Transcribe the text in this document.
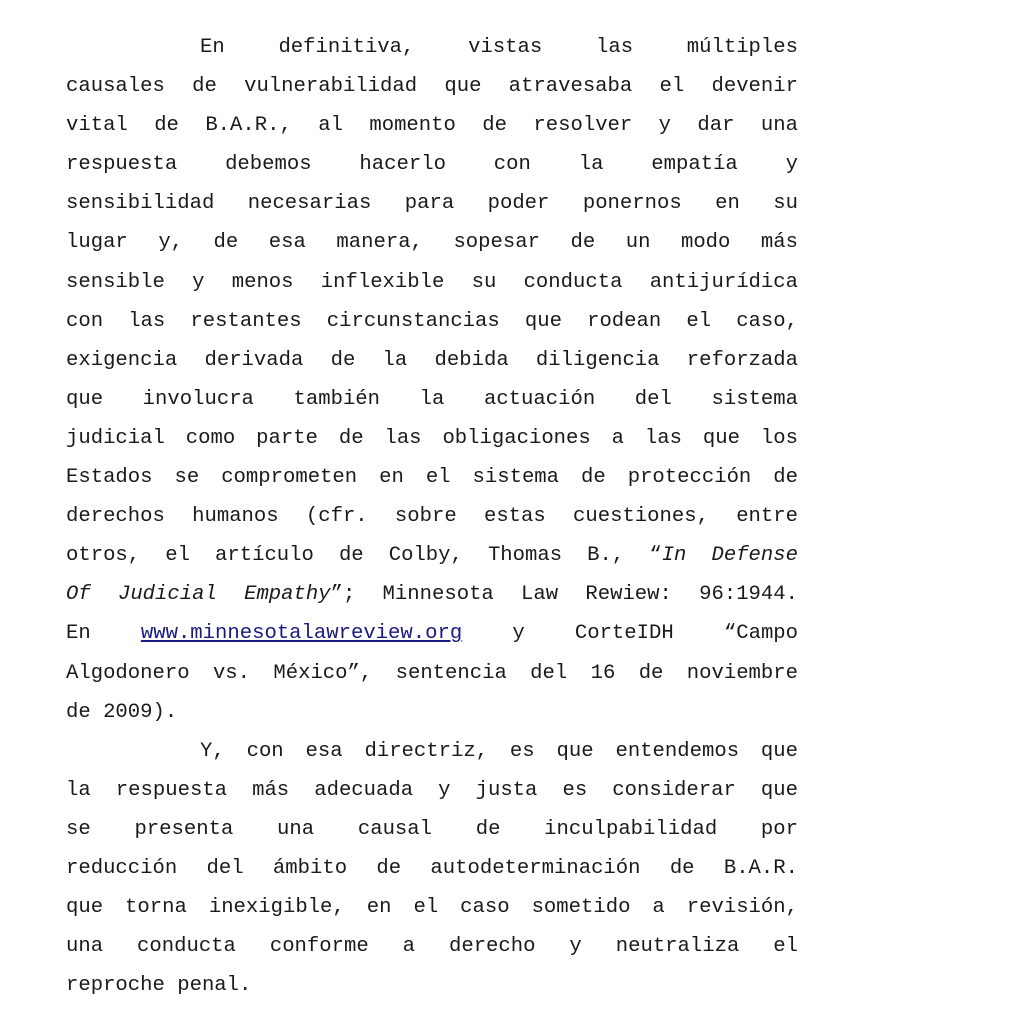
En definitiva, vistas las múltiples
causales de vulnerabilidad que atravesaba el devenir
vital de B.A.R., al momento de resolver y dar una
respuesta debemos hacerlo con la empatía y
sensibilidad necesarias para poder ponernos en su
lugar y, de esa manera, sopesar de un modo más
sensible y menos inflexible su conducta antijurídica
con las restantes circunstancias que rodean el caso,
exigencia derivada de la debida diligencia reforzada
que involucra también la actuación del sistema
judicial como parte de las obligaciones a las que los
Estados se comprometen en el sistema de protección de
derechos humanos (cfr. sobre estas cuestiones, entre
otros, el artículo de Colby, Thomas B., “In Defense
Of Judicial Empathy”; Minnesota Law Rewiew: 96:1944.
En www.minnesotalawreview.org y CorteIDH “Campo
Algodonero vs. México”, sentencia del 16 de noviembre
de 2009).
Y, con esa directriz, es que entendemos que
la respuesta más adecuada y justa es considerar que
se presenta una causal de inculpabilidad por
reducción del ámbito de autodeterminación de B.A.R.
que torna inexigible, en el caso sometido a revisión,
una conducta conforme a derecho y neutraliza el
reproche penal.
